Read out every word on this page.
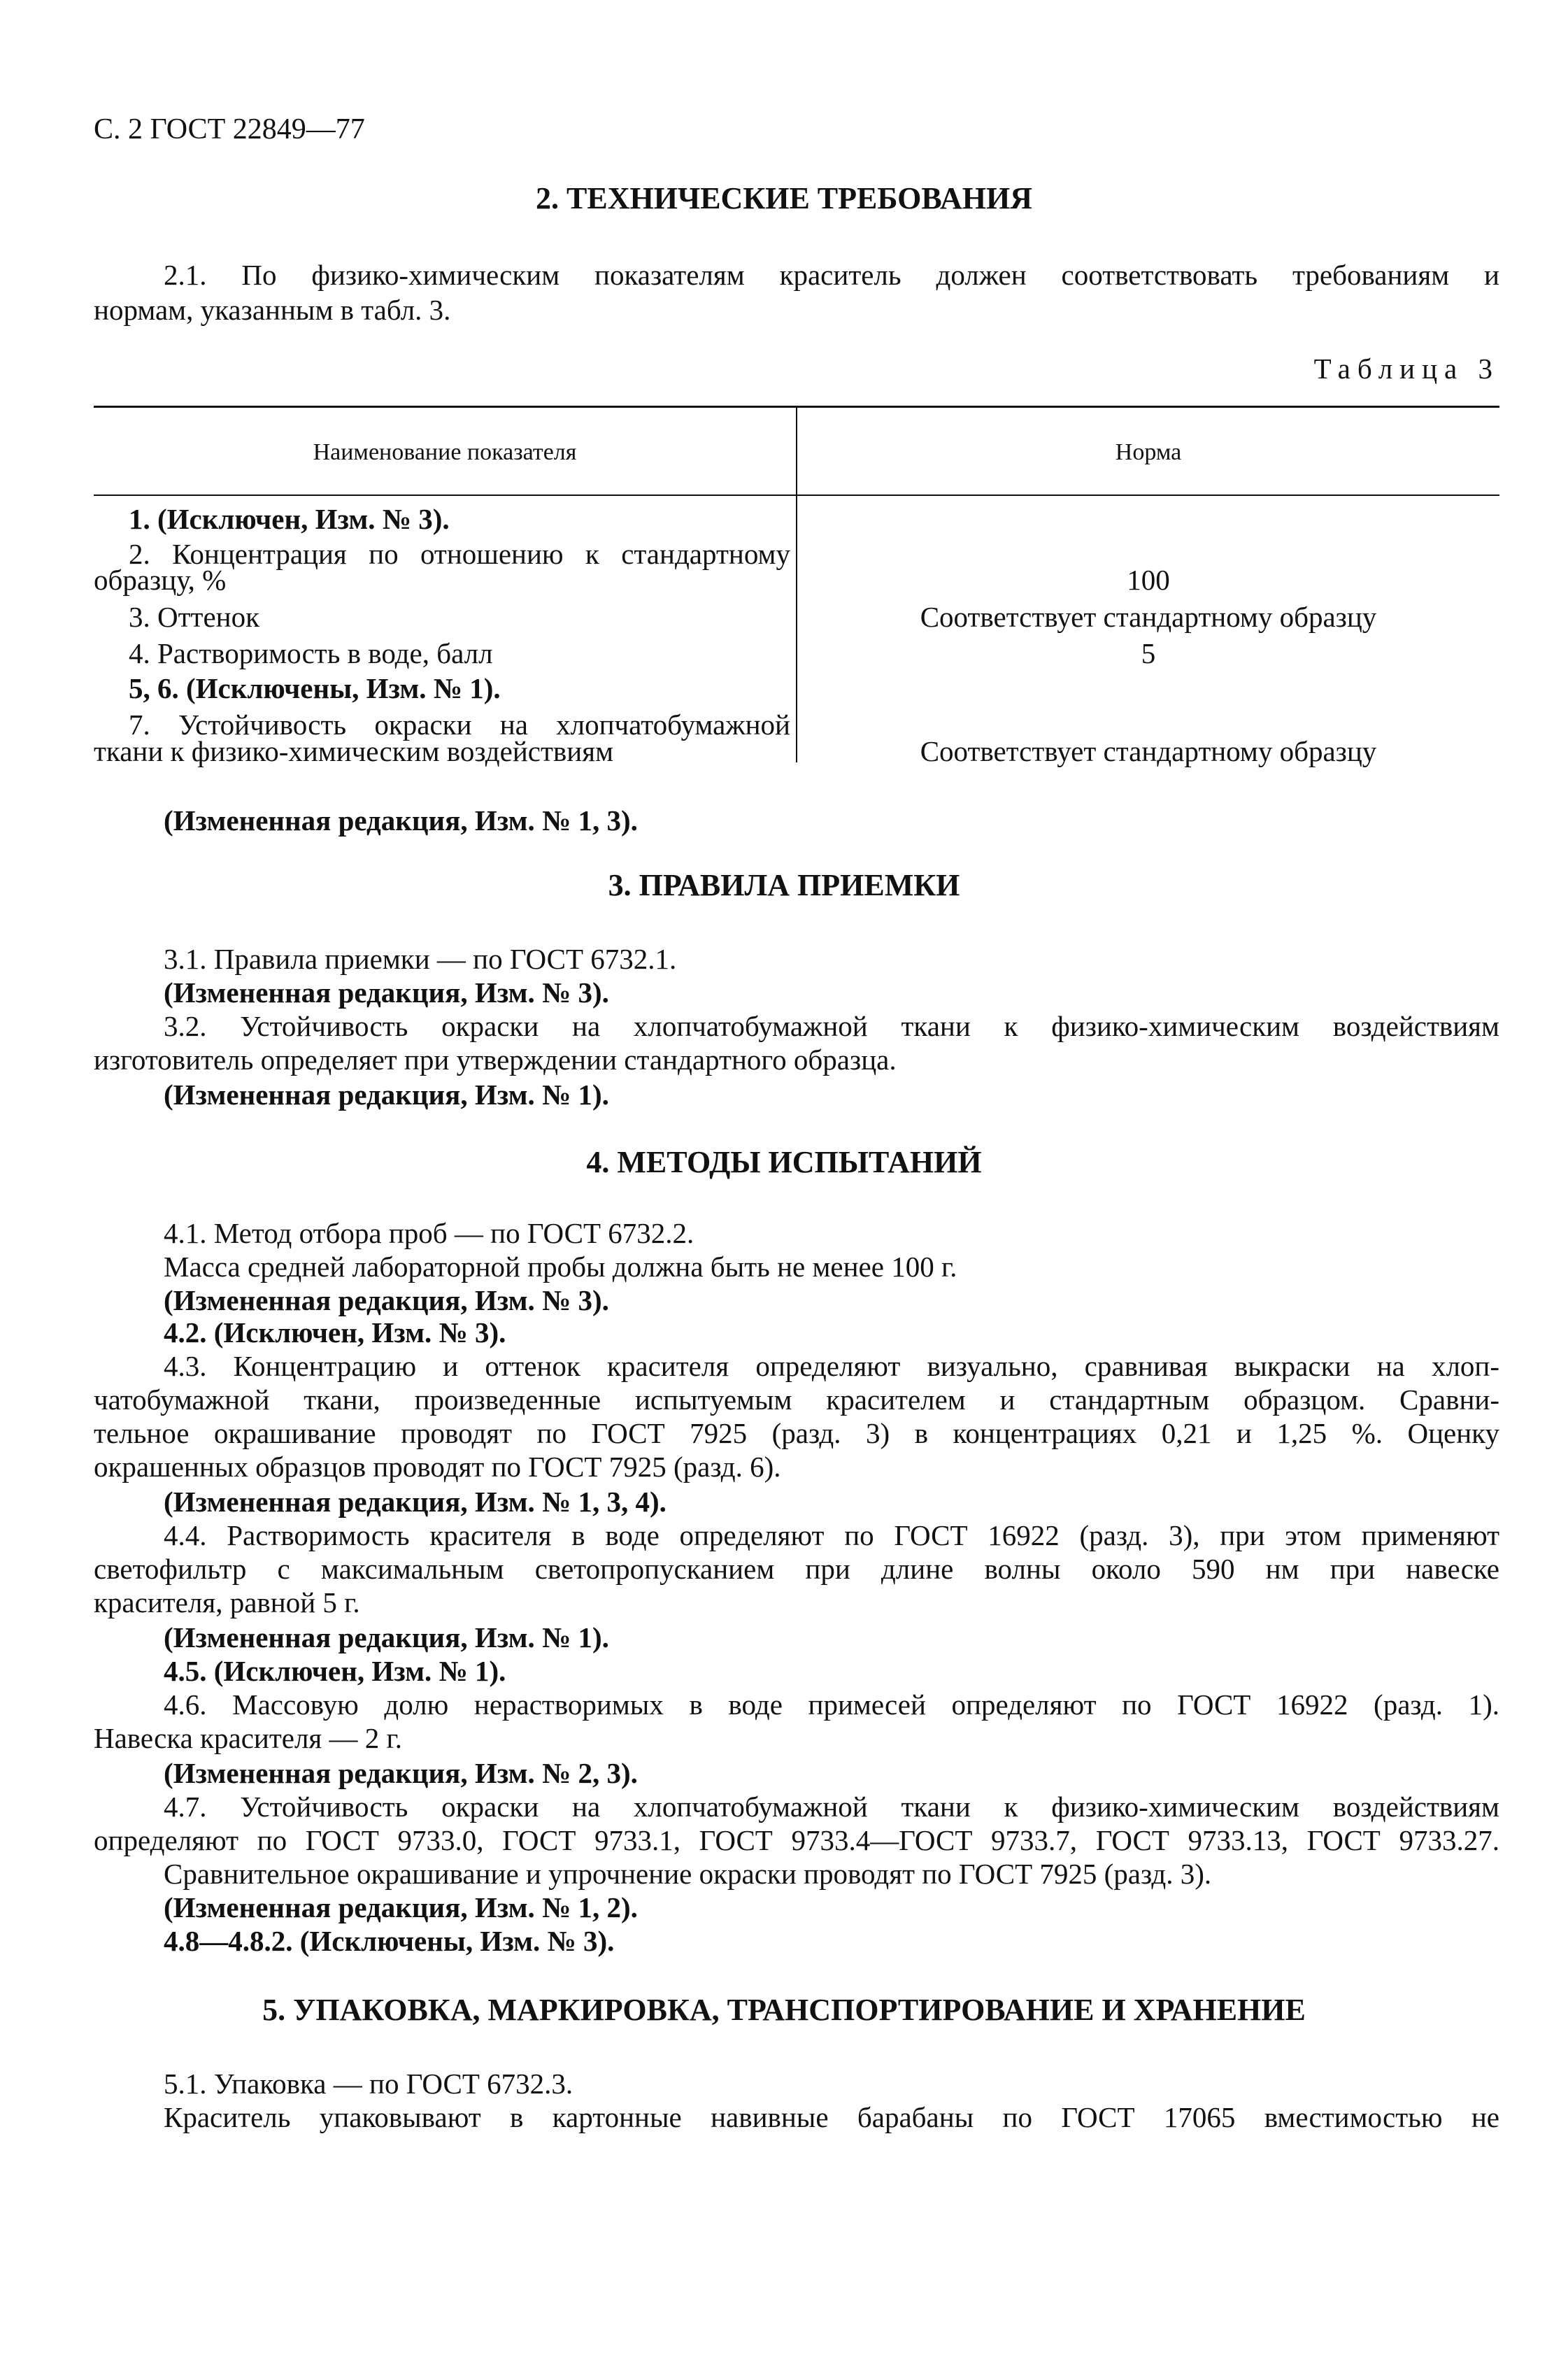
С. 2 ГОСТ 22849—77
2. ТЕХНИЧЕСКИЕ ТРЕБОВАНИЯ
2.1. По физико-химическим показателям краситель должен соответствовать требованиям и
нормам, указанным в табл. 3.
Таблица 3
Наименование показателя	Норма
1. (Исключен, Изм. № 3).
2. Концентрация по отношению к стандартному
образцу, %	100
3. Оттенок	Соответствует стандартному образцу
4. Растворимость в воде, балл	5
5, 6. (Исключены, Изм. № 1).
7. Устойчивость окраски на хлопчатобумажной
ткани к физико-химическим воздействиям	Соответствует стандартному образцу
(Измененная редакция, Изм. № 1, 3).
3. ПРАВИЛА ПРИЕМКИ
3.1. Правила приемки — по ГОСТ 6732.1.
(Измененная редакция, Изм. № 3).
3.2. Устойчивость окраски на хлопчатобумажной ткани к физико-химическим воздействиям
изготовитель определяет при утверждении стандартного образца.
(Измененная редакция, Изм. № 1).
4. МЕТОДЫ ИСПЫТАНИЙ
4.1. Метод отбора проб — по ГОСТ 6732.2.
Масса средней лабораторной пробы должна быть не менее 100 г.
(Измененная редакция, Изм. № 3).
4.2. (Исключен, Изм. № 3).
4.3. Концентрацию и оттенок красителя определяют визуально, сравнивая выкраски на хлоп-
чатобумажной ткани, произведенные испытуемым красителем и стандартным образцом. Сравни-
тельное окрашивание проводят по ГОСТ 7925 (разд. 3) в концентрациях 0,21 и 1,25 %. Оценку
окрашенных образцов проводят по ГОСТ 7925 (разд. 6).
(Измененная редакция, Изм. № 1, 3, 4).
4.4. Растворимость красителя в воде определяют по ГОСТ 16922 (разд. 3), при этом применяют
светофильтр с максимальным светопропусканием при длине волны около 590 нм при навеске
красителя, равной 5 г.
(Измененная редакция, Изм. № 1).
4.5. (Исключен, Изм. № 1).
4.6. Массовую долю нерастворимых в воде примесей определяют по ГОСТ 16922 (разд. 1).
Навеска красителя — 2 г.
(Измененная редакция, Изм. № 2, 3).
4.7. Устойчивость окраски на хлопчатобумажной ткани к физико-химическим воздействиям
определяют по ГОСТ 9733.0, ГОСТ 9733.1, ГОСТ 9733.4—ГОСТ 9733.7, ГОСТ 9733.13, ГОСТ 9733.27.
Сравнительное окрашивание и упрочнение окраски проводят по ГОСТ 7925 (разд. 3).
(Измененная редакция, Изм. № 1, 2).
4.8—4.8.2. (Исключены, Изм. № 3).
5. УПАКОВКА, МАРКИРОВКА, ТРАНСПОРТИРОВАНИЕ И ХРАНЕНИЕ
5.1. Упаковка — по ГОСТ 6732.3.
Краситель упаковывают в картонные навивные барабаны по ГОСТ 17065 вместимостью не
